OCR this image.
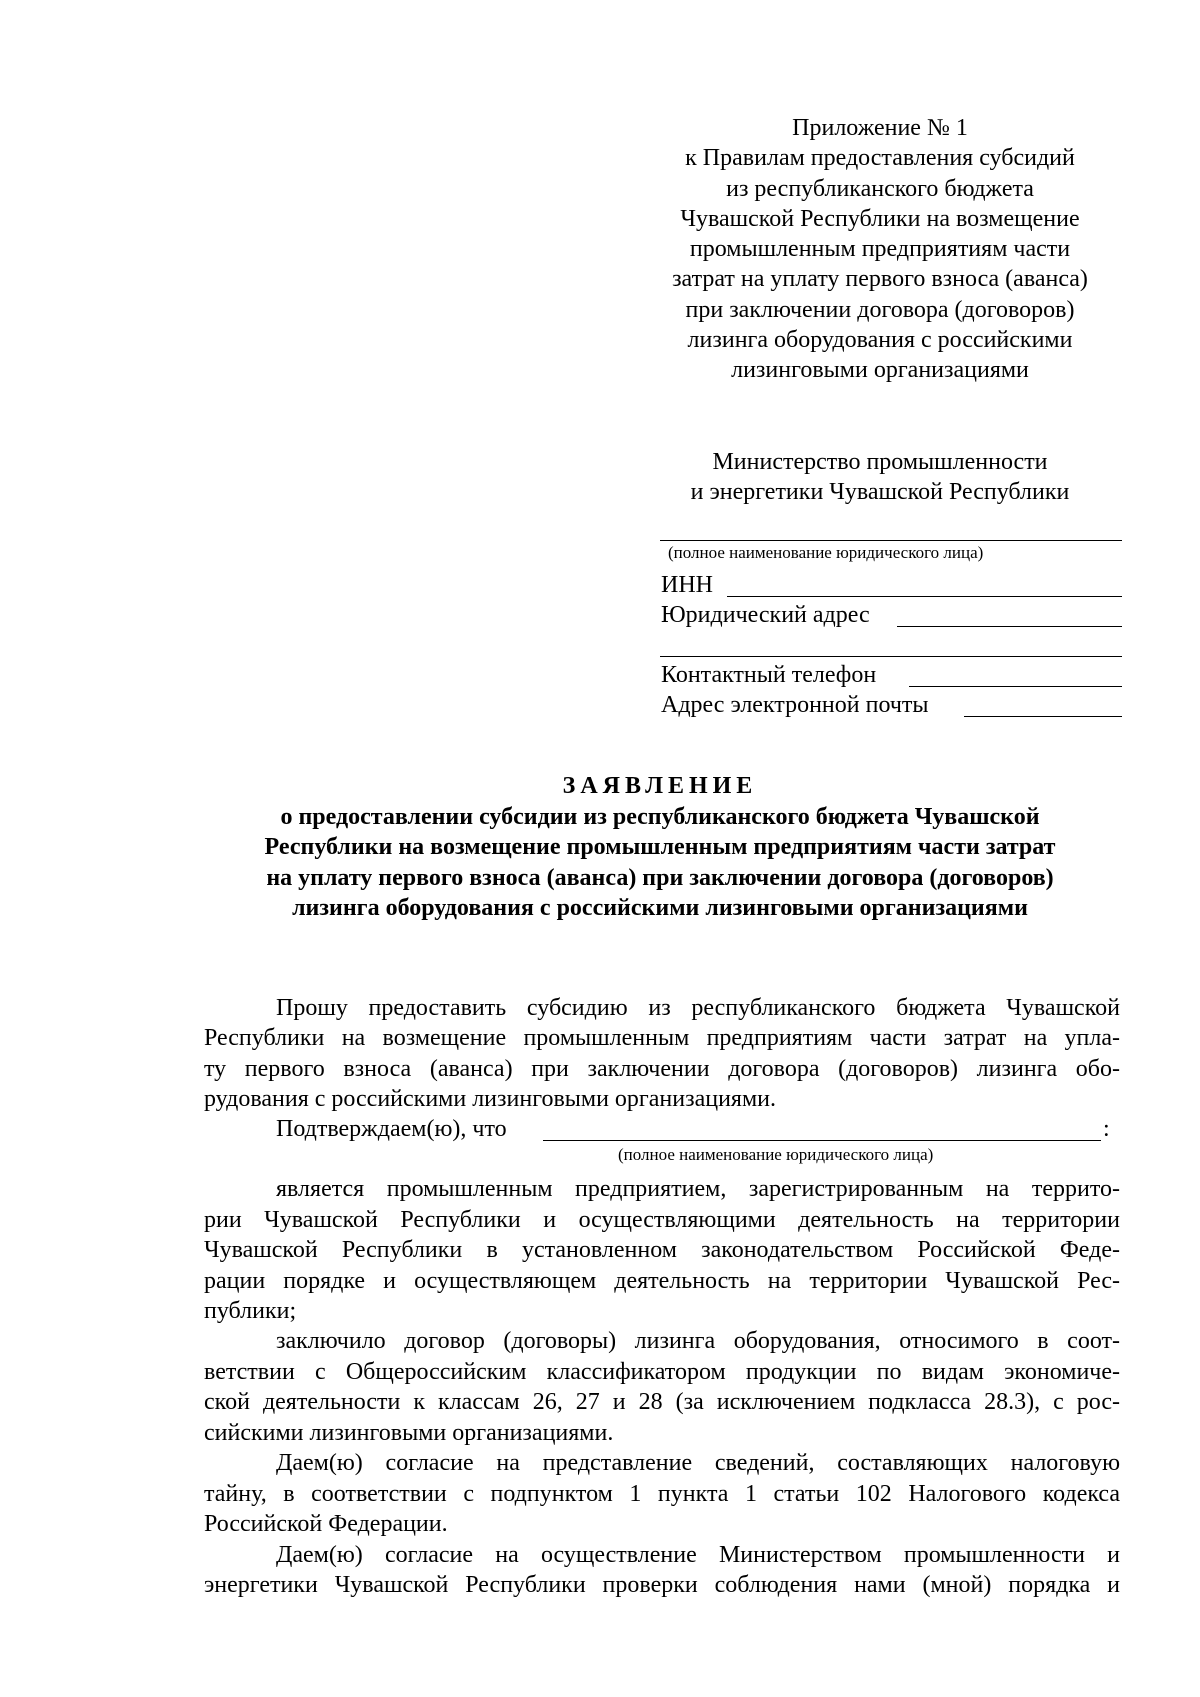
Приложение № 1
к Правилам предоставления субсидий
из республиканского бюджета
Чувашской Республики на возмещение
промышленным предприятиям части
затрат на уплату первого взноса (аванса)
при заключении договора (договоров)
лизинга оборудования с российскими
лизинговыми организациями
Министерство промышленности
и энергетики Чувашской Республики
(полное наименование юридического лица)
ИНН
Юридический адрес
Контактный телефон
Адрес электронной почты
ЗАЯВЛЕНИЕ
о предоставлении субсидии из республиканского бюджета Чувашской
Республики на возмещение промышленным предприятиям части затрат
на уплату первого взноса (аванса) при заключении договора (договоров)
лизинга оборудования с российскими лизинговыми организациями
Прошу предоставить субсидию из республиканского бюджета Чувашской
Республики на возмещение промышленным предприятиям части затрат на упла-
ту первого взноса (аванса) при заключении договора (договоров) лизинга обо-
рудования с российскими лизинговыми организациями.
Подтверждаем(ю), что	:
(полное наименование юридического лица)
является промышленным предприятием, зарегистрированным на террито-
рии Чувашской Республики и осуществляющими деятельность на территории
Чувашской Республики в установленном законодательством Российской Феде-
рации порядке и осуществляющем деятельность на территории Чувашской Рес-
публики;
заключило договор (договоры) лизинга оборудования, относимого в соот-
ветствии с Общероссийским классификатором продукции по видам экономиче-
ской деятельности к классам 26, 27 и 28 (за исключением подкласса 28.3), с рос-
сийскими лизинговыми организациями.
Даем(ю) согласие на представление сведений, составляющих налоговую
тайну, в соответствии с подпунктом 1 пункта 1 статьи 102 Налогового кодекса
Российской Федерации.
Даем(ю) согласие на осуществление Министерством промышленности и
энергетики Чувашской Республики проверки соблюдения нами (мной) порядка и
